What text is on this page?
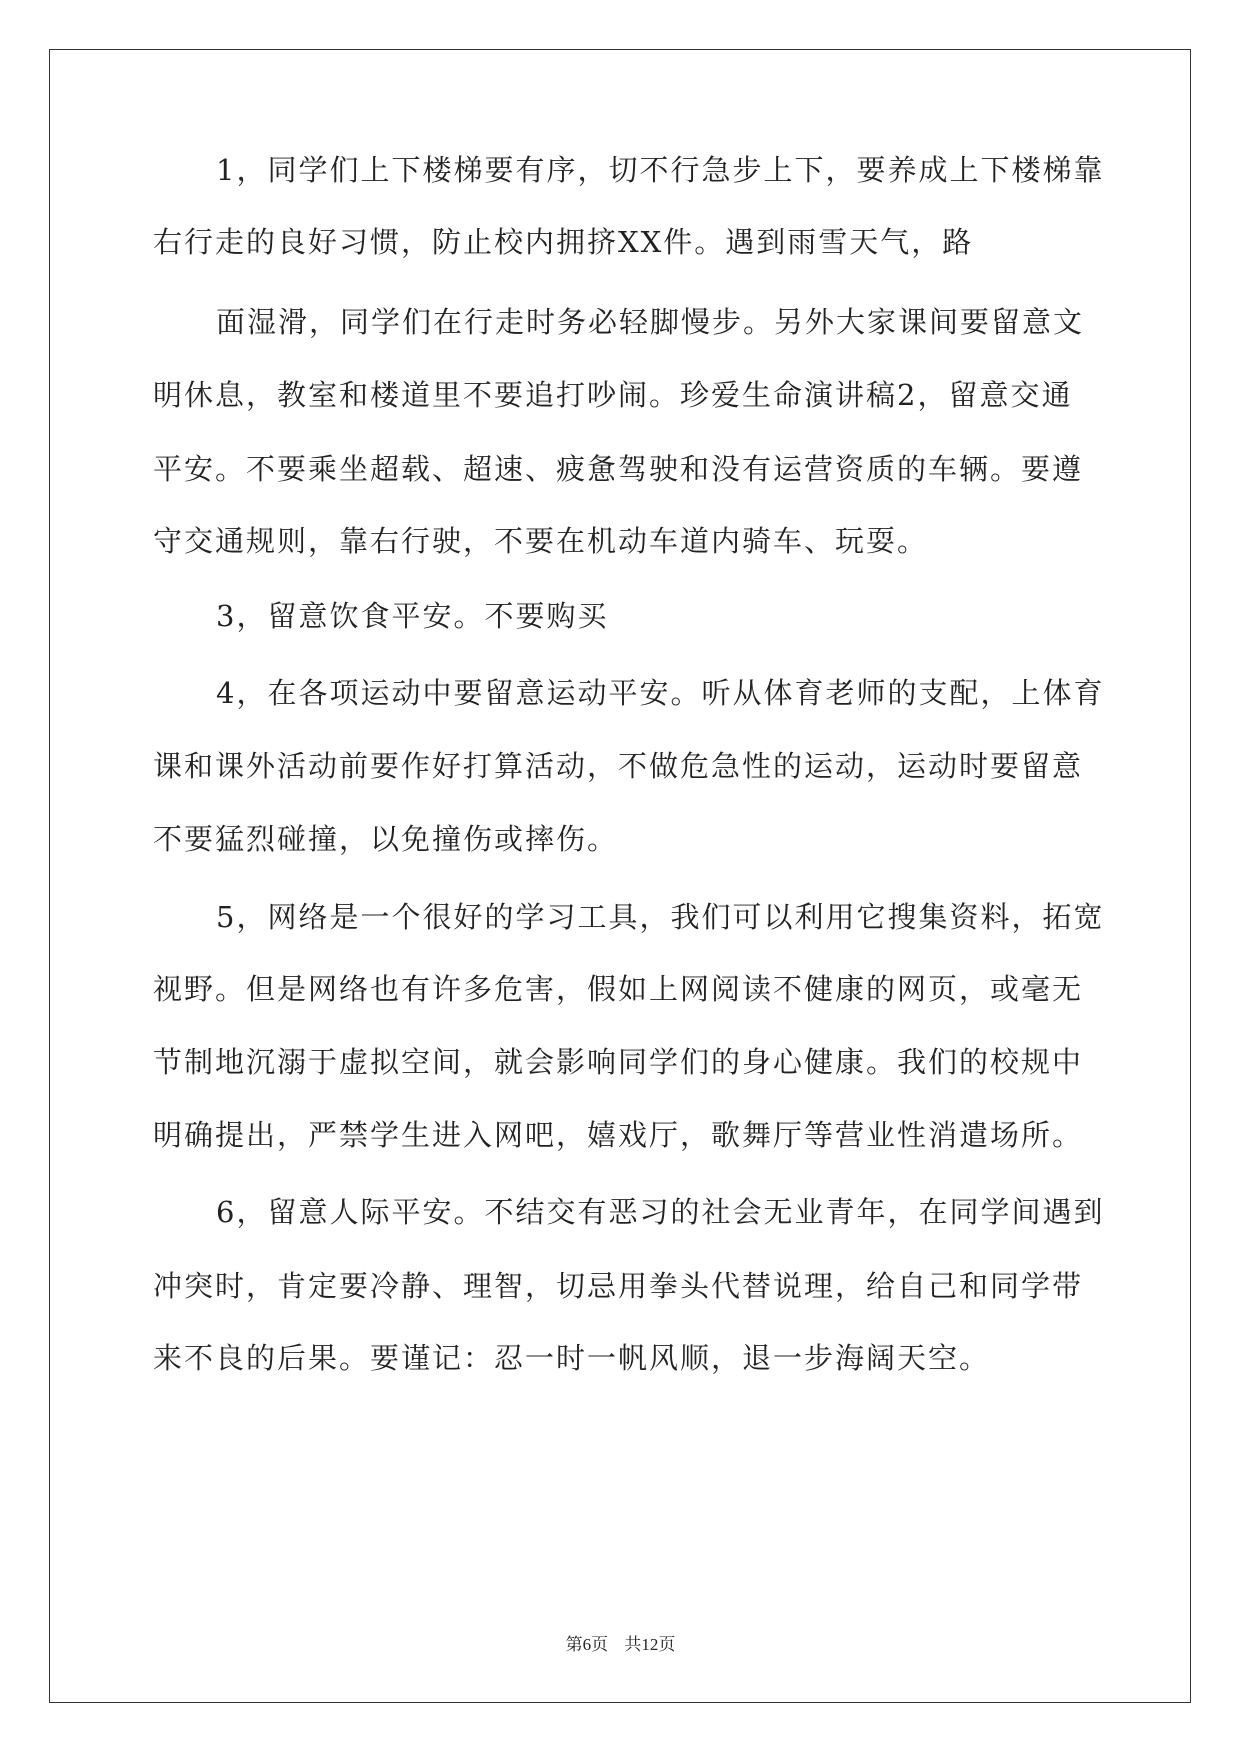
1，同学们上下楼梯要有序，切不行急步上下，要养成上下楼梯靠
右行走的良好习惯，防止校内拥挤XX件。遇到雨雪天气，路
面湿滑，同学们在行走时务必轻脚慢步。另外大家课间要留意文
明休息，教室和楼道里不要追打吵闹。珍爱生命演讲稿2，留意交通
平安。不要乘坐超载、超速、疲惫驾驶和没有运营资质的车辆。要遵
守交通规则，靠右行驶，不要在机动车道内骑车、玩耍。
3，留意饮食平安。不要购买
4，在各项运动中要留意运动平安。听从体育老师的支配，上体育
课和课外活动前要作好打算活动，不做危急性的运动，运动时要留意
不要猛烈碰撞，以免撞伤或摔伤。
5，网络是一个很好的学习工具，我们可以利用它搜集资料，拓宽
视野。但是网络也有许多危害，假如上网阅读不健康的网页，或毫无
节制地沉溺于虚拟空间，就会影响同学们的身心健康。我们的校规中
明确提出，严禁学生进入网吧，嬉戏厅，歌舞厅等营业性消遣场所。
6，留意人际平安。不结交有恶习的社会无业青年，在同学间遇到
冲突时，肯定要冷静、理智，切忌用拳头代替说理，给自己和同学带
来不良的后果。要谨记：忍一时一帆风顺，退一步海阔天空。
第6页 共12页
